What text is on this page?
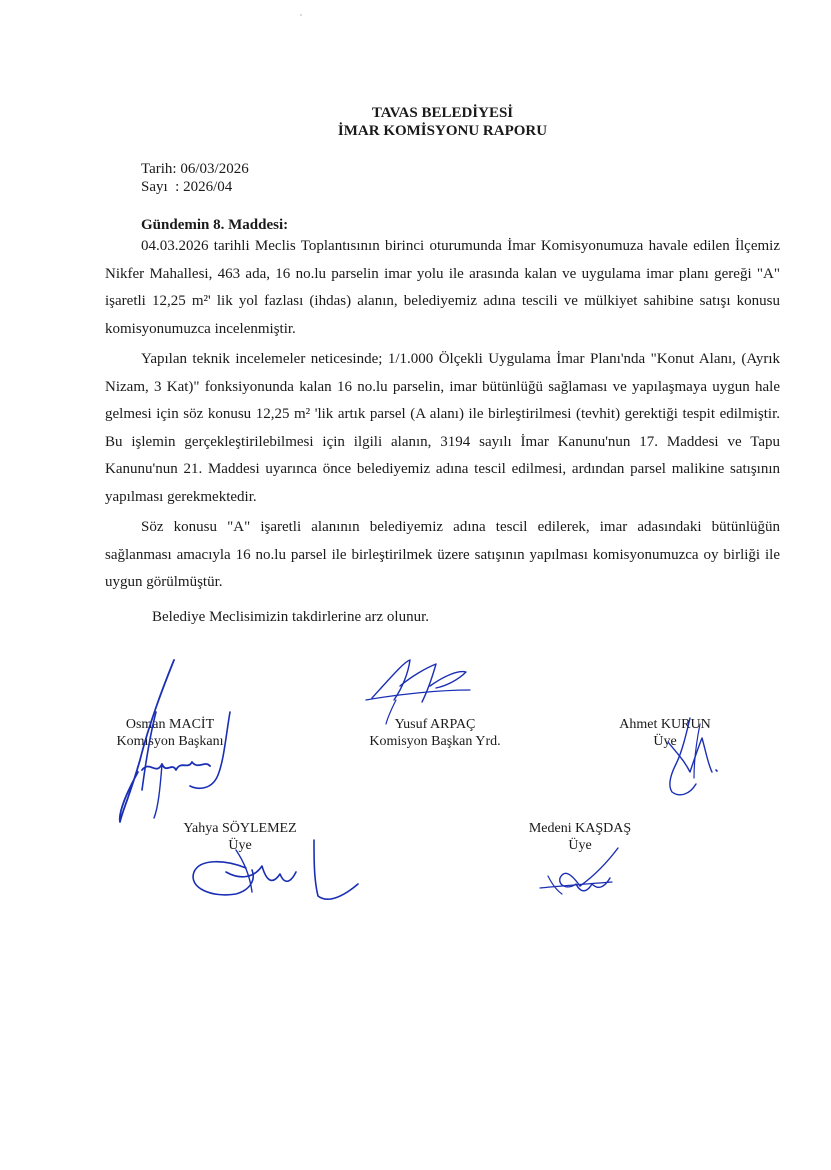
TAVAS BELEDİYESİ
İMAR KOMİSYONU RAPORU
Tarih: 06/03/2026
Sayı  : 2026/04
Gündemin 8. Maddesi:

04.03.2026 tarihli Meclis Toplantısının birinci oturumunda İmar Komisyonumuza havale edilen İlçemiz Nikfer Mahallesi, 463 ada, 16 no.lu parselin imar yolu ile arasında kalan ve uygulama imar planı gereği "A" işaretli 12,25 m²' lik yol fazlası (ihdas) alanın, belediyemiz adına tescili ve mülkiyet sahibine satışı konusu komisyonumuzca incelenmiştir.

Yapılan teknik incelemeler neticesinde; 1/1.000 Ölçekli Uygulama İmar Planı'nda "Konut Alanı, (Ayrık Nizam, 3 Kat)" fonksiyonunda kalan 16 no.lu parselin, imar bütünlüğü sağlaması ve yapılaşmaya uygun hale gelmesi için söz konusu 12,25 m² 'lik artık parsel (A alanı) ile birleştirilmesi (tevhit) gerektiği tespit edilmiştir. Bu işlemin gerçekleştirilebilmesi için ilgili alanın, 3194 sayılı İmar Kanunu'nun 17. Maddesi ve Tapu Kanunu'nun 21. Maddesi uyarınca önce belediyemiz adına tescil edilmesi, ardından parsel malikine satışının yapılması gerekmektedir.

Söz konusu "A" işaretli alanının belediyemiz adına tescil edilerek, imar adasındaki bütünlüğün sağlanması amacıyla 16 no.lu parsel ile birleştirilmek üzere satışının yapılması komisyonumuzca oy birliği ile uygun görülmüştür.

Belediye Meclisimizin takdirlerine arz olunur.
Osman MACİT
Komisyon Başkanı
Yusuf ARPAÇ
Komisyon Başkan Yrd.
Ahmet KURUN
Üye
Yahya SÖYLEMEZ
Üye
Medeni KAŞDAŞ
Üye
